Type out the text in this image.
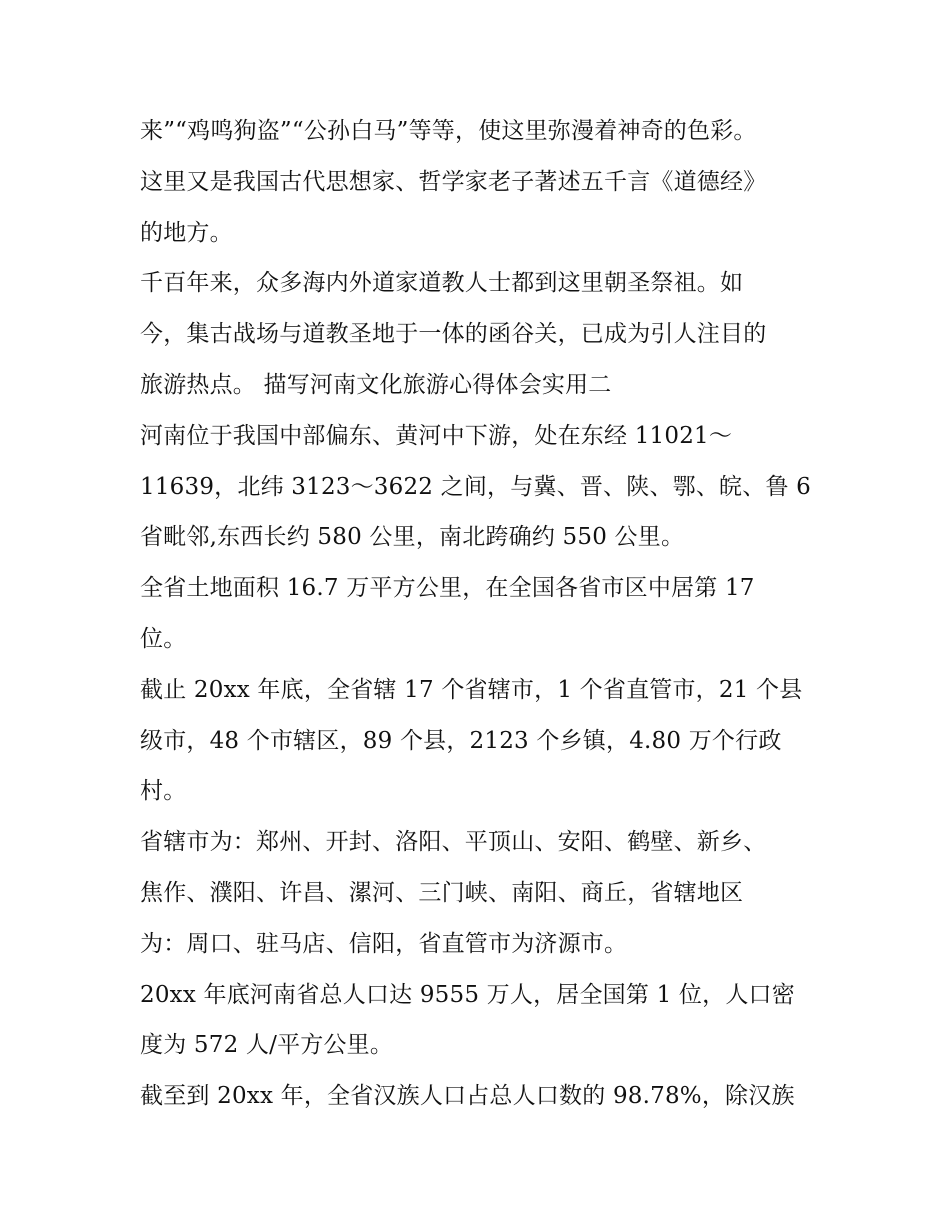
来”“鸡鸣狗盗”“公孙白马”等等，使这里弥漫着神奇的色彩。
这里又是我国古代思想家、哲学家老子著述五千言《道德经》
的地方。
千百年来，众多海内外道家道教人士都到这里朝圣祭祖。如
今，集古战场与道教圣地于一体的函谷关，已成为引人注目的
旅游热点。 描写河南文化旅游心得体会实用二
河南位于我国中部偏东、黄河中下游，处在东经 11021～
11639，北纬 3123～3622 之间，与冀、晋、陕、鄂、皖、鲁 6
省毗邻,东西长约 580 公里，南北跨确约 550 公里。
全省土地面积 16.7 万平方公里，在全国各省市区中居第 17
位。
截止 20xx 年底，全省辖 17 个省辖市，1 个省直管市，21 个县
级市，48 个市辖区，89 个县，2123 个乡镇，4.80 万个行政
村。
省辖市为：郑州、开封、洛阳、平顶山、安阳、鹤壁、新乡、
焦作、濮阳、许昌、漯河、三门峡、南阳、商丘，省辖地区
为：周口、驻马店、信阳，省直管市为济源市。
20xx 年底河南省总人口达 9555 万人，居全国第 1 位，人口密
度为 572 人/平方公里。
截至到 20xx 年，全省汉族人口占总人口数的 98.78%，除汉族
